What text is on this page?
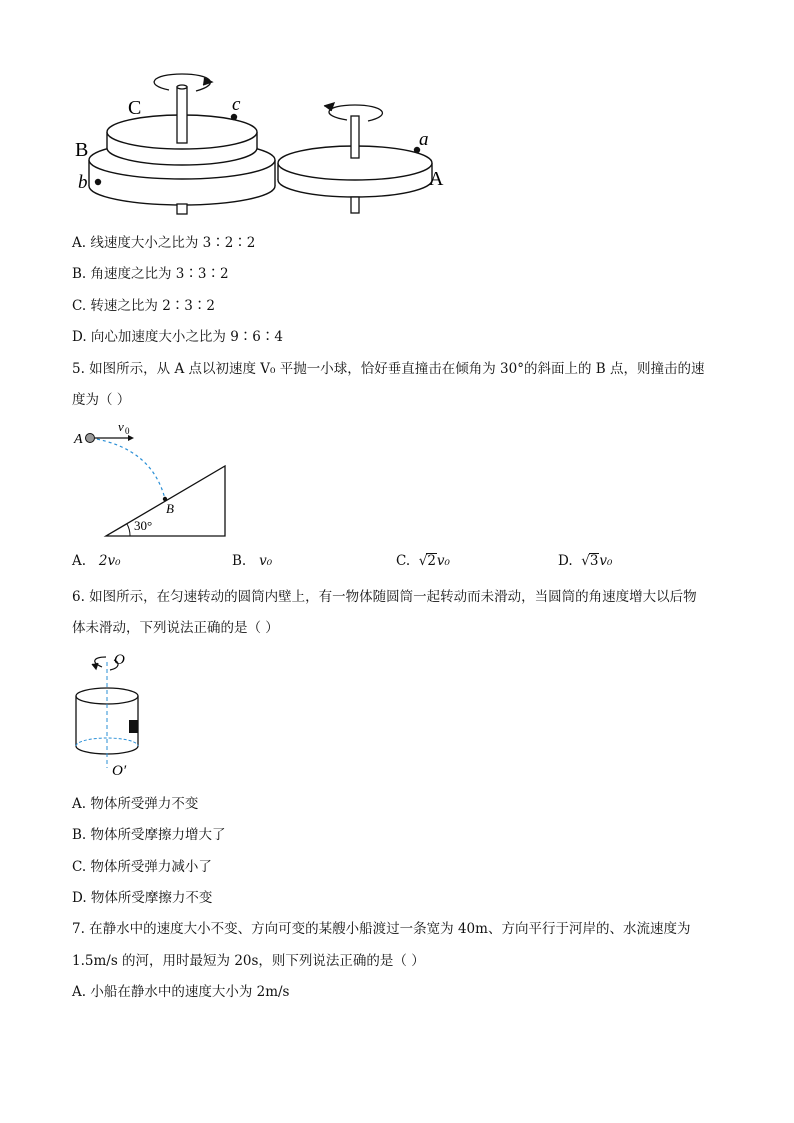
C	c
B
b
a
A
A. 线速度大小之比为 3∶2∶2
B. 角速度之比为 3∶3∶2
C. 转速之比为 2∶3∶2
D. 向心加速度大小之比为 9∶6∶4
5. 如图所示，从 A 点以初速度 V₀ 平抛一小球，恰好垂直撞击在倾角为 30°的斜面上的 B 点，则撞击的速
度为（ ）
A
v 0
B
30°
A. 2v₀	B. v₀	C.  √2v₀	D.  √3v₀
6. 如图所示，在匀速转动的圆筒内壁上，有一物体随圆筒一起转动而未滑动，当圆筒的角速度增大以后物
体未滑动，下列说法正确的是（ ）
O
O′
A. 物体所受弹力不变
B. 物体所受摩擦力增大了
C. 物体所受弹力减小了
D. 物体所受摩擦力不变
7. 在静水中的速度大小不变、方向可变的某艘小船渡过一条宽为 40m、方向平行于河岸的、水流速度为
1.5m/s 的河，用时最短为 20s，则下列说法正确的是（ ）
A. 小船在静水中的速度大小为 2m/s
